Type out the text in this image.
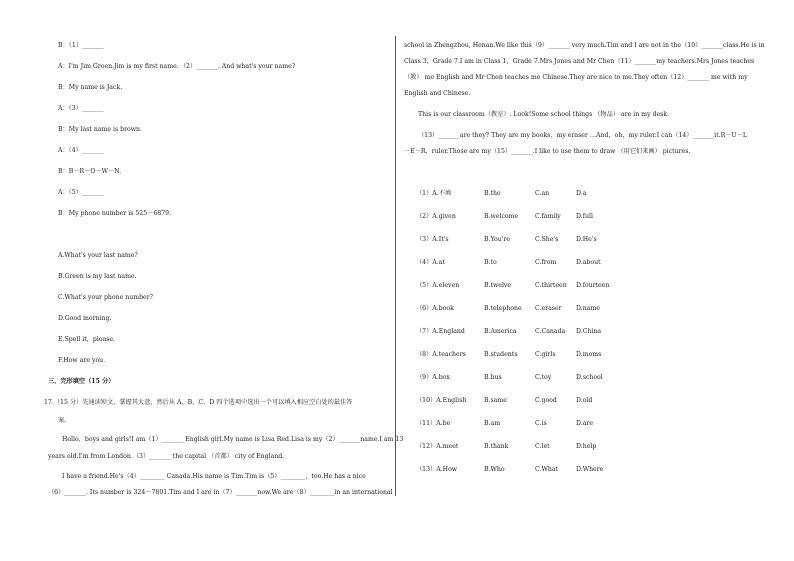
B：（1）_______
A：I'm Jim Green.Jim is my first name．（2）_______. And what's your name?
B：My name is Jack.
A：（3）_______
B：My last name is brown.
A：（4）_______
B：B－R－O－W－N.
A：（5）_______
B：My phone number is 525－6879.
A.What's your last name?
B.Green is my last name.
C.What's your phone number?
D.Good morning.
E.Spell it，please.
F.How are you.
三、完形填空（15 分）
17.（15 分）先通读短文，掌握其大意，然后从 A、B、C、D 四个选项中选出一个可以填入相应空白处的最佳答
案。
Hello，boys and girls!I am（1）_______ English girl.My name is Lisa Red.Lisa is my（2）_______name.I am 13
years old.I'm from London.（3）_______ the capital （首都） city of England.
I have a friend.He's（4）________ Canada.His name is Tim.Tim is（5）________，too.He has a nice
（6）_______. Its number is 324－7801.Tim and I are in（7）_______now.We are（8）________in an international
school in Zhengzhou, Henan.We like this（9）_______ very much.Tim and I are not in the（10）_______class.He is in
Class 3，Grade 7.I am in Class 1，Grade 7.Mrs Jones and Mr Chen（11）_______my teachers.Mrs Jones teaches
（教） me English and Mr Chen teaches me Chinese.They are nice to me.They often（12）_______ me with my
English and Chinese.
This is our classroom（教室）. Look!Some school things （物品） are in my desk.
（13）_______are they? They are my books，my eraser …And，oh，my ruler.I can（14）_______it.R－U－L
－E－R，ruler.Those are my（15）_______.I like to use them to draw （用它们来画） pictures.
（1）A.不填	B.the	C.an	D.a
（2）A.given	B.welcome	C.family D.full
（3）A.It's	B.You're	C.She's	D.He's
（4）A.at	B.to	C.from	D.about
（5）A.eleven	B.twelve	C.thirteen D.fourteen
（6）A.book	B.telephone C.eraser D.name
（7）A.England	B.America	C.Canada D.China
（8）A.teachers	B.students	C.girls	D.moms
（9）A.box	B.bus	C.toy	D.school
（10）A.English	B.same	C.good	D.old
（11）A.be	B.am	C.is	D.are
（12）A.meet	B.thank	C.let	D.help
（13）A.How	B.Who	C.What	D.Where
